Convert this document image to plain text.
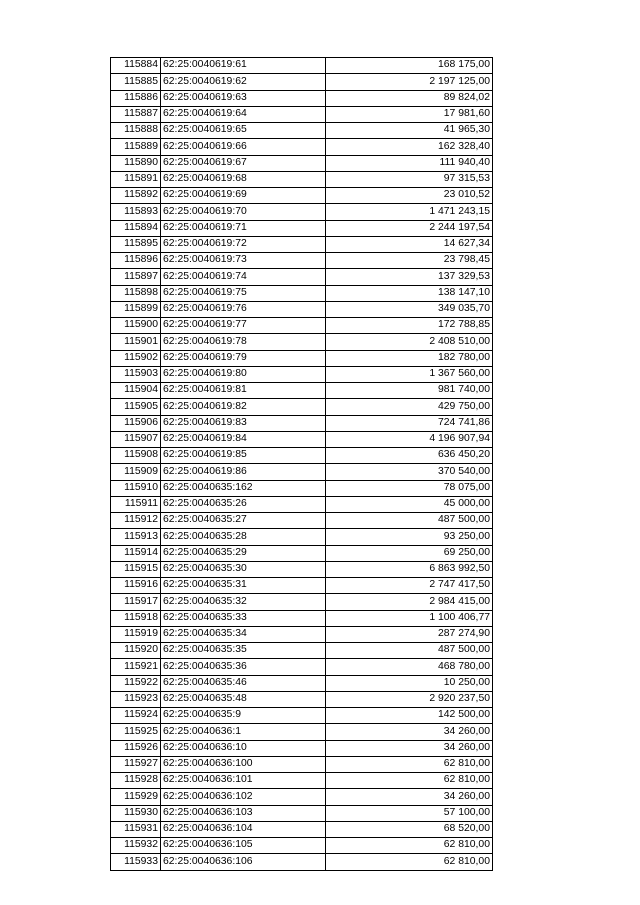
115884	62:25:0040619:61	168 175,00
115885	62:25:0040619:62	2 197 125,00
115886	62:25:0040619:63	89 824,02
115887	62:25:0040619:64	17 981,60
115888	62:25:0040619:65	41 965,30
115889	62:25:0040619:66	162 328,40
115890	62:25:0040619:67	111 940,40
115891	62:25:0040619:68	97 315,53
115892	62:25:0040619:69	23 010,52
115893	62:25:0040619:70	1 471 243,15
115894	62:25:0040619:71	2 244 197,54
115895	62:25:0040619:72	14 627,34
115896	62:25:0040619:73	23 798,45
115897	62:25:0040619:74	137 329,53
115898	62:25:0040619:75	138 147,10
115899	62:25:0040619:76	349 035,70
115900	62:25:0040619:77	172 788,85
115901	62:25:0040619:78	2 408 510,00
115902	62:25:0040619:79	182 780,00
115903	62:25:0040619:80	1 367 560,00
115904	62:25:0040619:81	981 740,00
115905	62:25:0040619:82	429 750,00
115906	62:25:0040619:83	724 741,86
115907	62:25:0040619:84	4 196 907,94
115908	62:25:0040619:85	636 450,20
115909	62:25:0040619:86	370 540,00
115910	62:25:0040635:162	78 075,00
115911	62:25:0040635:26	45 000,00
115912	62:25:0040635:27	487 500,00
115913	62:25:0040635:28	93 250,00
115914	62:25:0040635:29	69 250,00
115915	62:25:0040635:30	6 863 992,50
115916	62:25:0040635:31	2 747 417,50
115917	62:25:0040635:32	2 984 415,00
115918	62:25:0040635:33	1 100 406,77
115919	62:25:0040635:34	287 274,90
115920	62:25:0040635:35	487 500,00
115921	62:25:0040635:36	468 780,00
115922	62:25:0040635:46	10 250,00
115923	62:25:0040635:48	2 920 237,50
115924	62:25:0040635:9	142 500,00
115925	62:25:0040636:1	34 260,00
115926	62:25:0040636:10	34 260,00
115927	62:25:0040636:100	62 810,00
115928	62:25:0040636:101	62 810,00
115929	62:25:0040636:102	34 260,00
115930	62:25:0040636:103	57 100,00
115931	62:25:0040636:104	68 520,00
115932	62:25:0040636:105	62 810,00
115933	62:25:0040636:106	62 810,00
